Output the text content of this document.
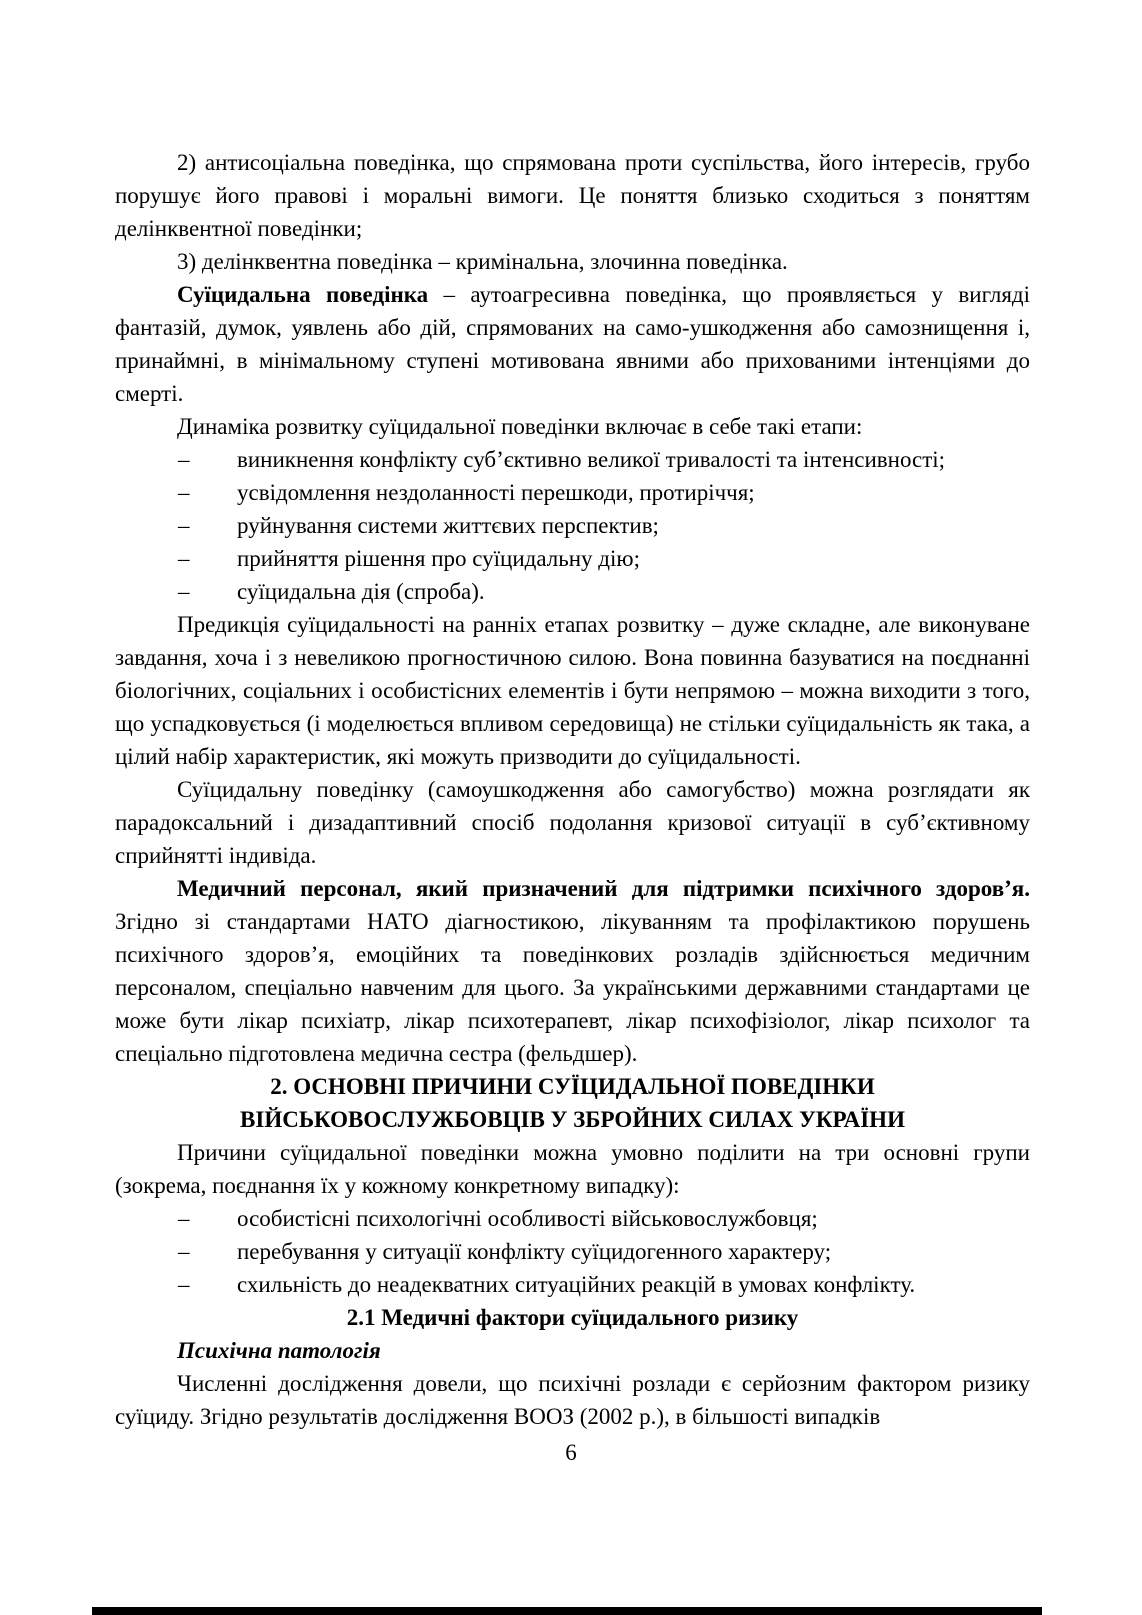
2) антисоціальна поведінка, що спрямована проти суспільства, його інтересів, грубо порушує його правові і моральні вимоги. Це поняття близько сходиться з поняттям делінквентної поведінки;

3) делінквентна поведінка – кримінальна, злочинна поведінка.

Суїцидальна поведінка – аутоагресивна поведінка, що проявляється у вигляді фантазій, думок, уявлень або дій, спрямованих на само-ушкодження або самознищення і, принаймні, в мінімальному ступені мотивована явними або прихованими інтенціями до смерті.

Динаміка розвитку суїцидальної поведінки включає в себе такі етапи:

– виникнення конфлікту суб’єктивно великої тривалості та інтенсивності;
– усвідомлення нездоланності перешкоди, протиріччя;
– руйнування системи життєвих перспектив;
– прийняття рішення про суїцидальну дію;
– суїцидальна дія (спроба).

Предикція суїцидальності на ранніх етапах розвитку – дуже складне, але виконуване завдання, хоча і з невеликою прогностичною силою. Вона повинна базуватися на поєднанні біологічних, соціальних і особистісних елементів і бути непрямою – можна виходити з того, що успадковується (і моделюється впливом середовища) не стільки суїцидальність як така, а цілий набір характеристик, які можуть призводити до суїцидальності.

Суїцидальну поведінку (самоушкодження або самогубство) можна розглядати як парадоксальний і дизадаптивний спосіб подолання кризової ситуації в суб’єктивному сприйнятті індивіда.

Медичний персонал, який призначений для підтримки психічного здоров’я. Згідно зі стандартами НАТО діагностикою, лікуванням та профілактикою порушень психічного здоров’я, емоційних та поведінкових розладів здійснюється медичним персоналом, спеціально навченим для цього. За українськими державними стандартами це може бути лікар психіатр, лікар психотерапевт, лікар психофізіолог, лікар психолог та спеціально підготовлена медична сестра (фельдшер).

2. ОСНОВНІ ПРИЧИНИ СУЇЦИДАЛЬНОЇ ПОВЕДІНКИ
ВІЙСЬКОВОСЛУЖБОВЦІВ У ЗБРОЙНИХ СИЛАХ УКРАЇНИ

Причини суїцидальної поведінки можна умовно поділити на три основні групи (зокрема, поєднання їх у кожному конкретному випадку):

– особистісні психологічні особливості військовослужбовця;
– перебування у ситуації конфлікту суїцидогенного характеру;
– схильність до неадекватних ситуаційних реакцій в умовах конфлікту.
2.1 Медичні фактори суїцидального ризику

Психічна патологія

Численні дослідження довели, що психічні розлади є серйозним фактором ризику суїциду. Згідно результатів дослідження ВООЗ (2002 р.), в більшості випадків

6
